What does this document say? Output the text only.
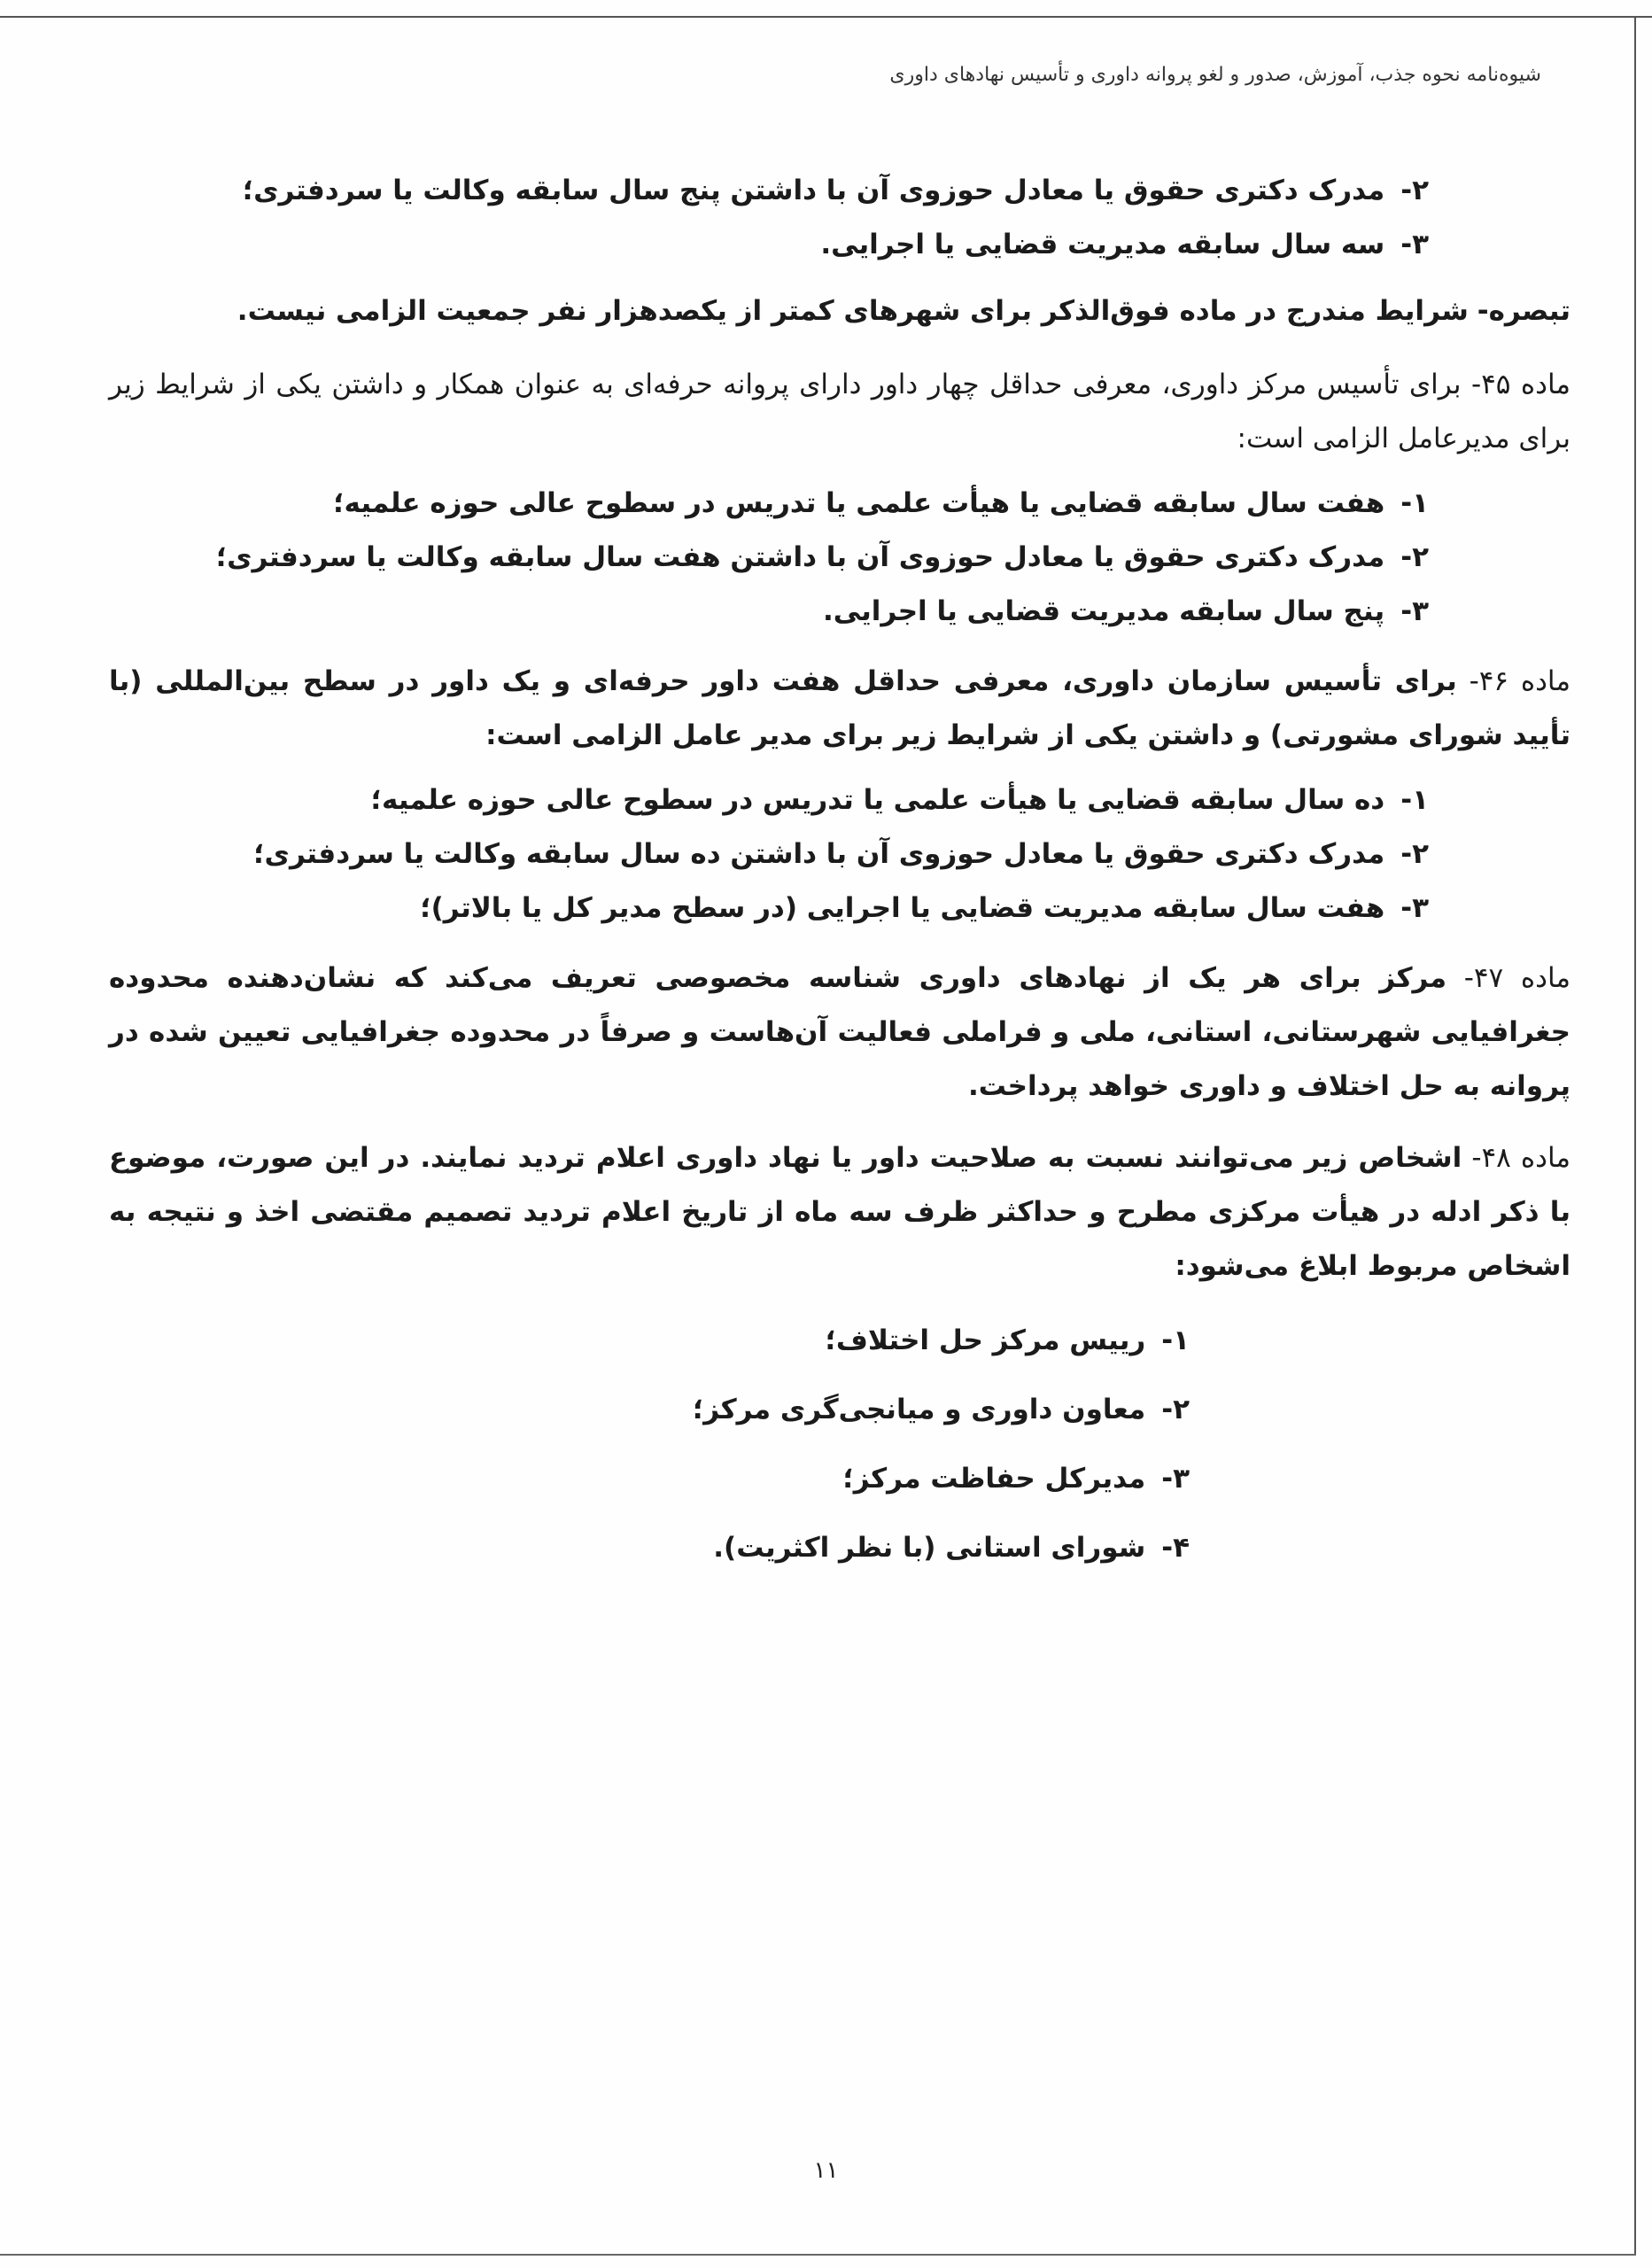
شیوه‌نامه نحوه جذب، آموزش، صدور و لغو پروانه داوری و تأسیس نهادهای داوری
۲-مدرک دکتری حقوق یا معادل حوزوی آن با داشتن پنج سال سابقه وکالت یا سردفتری؛
۳-سه سال سابقه مدیریت قضایی یا اجرایی.

تبصره- شرایط مندرج در ماده فوق‌الذکر برای شهرهای کمتر از یکصدهزار نفر جمعیت الزامی نیست.

ماده ۴۵- برای تأسیس مرکز داوری، معرفی حداقل چهار داور دارای پروانه حرفه‌ای به عنوان همکار و داشتن یکی از شرایط زیر برای مدیرعامل الزامی است:

۱-هفت سال سابقه قضایی یا هیأت علمی یا تدریس در سطوح عالی حوزه علمیه؛
۲-مدرک دکتری حقوق یا معادل حوزوی آن با داشتن هفت سال سابقه وکالت یا سردفتری؛
۳-پنج سال سابقه مدیریت قضایی یا اجرایی.

ماده ۴۶- برای تأسیس سازمان داوری، معرفی حداقل هفت داور حرفه‌ای و یک داور در سطح بین‌المللی (با تأیید شورای مشورتی) و داشتن یکی از شرایط زیر برای مدیر عامل الزامی است:

۱-ده سال سابقه قضایی یا هیأت علمی یا تدریس در سطوح عالی حوزه علمیه؛
۲-مدرک دکتری حقوق یا معادل حوزوی آن با داشتن ده سال سابقه وکالت یا سردفتری؛
۳-هفت سال سابقه مدیریت قضایی یا اجرایی (در سطح مدیر کل یا بالاتر)؛

ماده ۴۷- مرکز برای هر یک از نهادهای داوری شناسه مخصوصی تعریف می‌کند که نشان‌دهنده محدوده جغرافیایی شهرستانی، استانی، ملی و فراملی فعالیت آن‌هاست و صرفاً در محدوده جغرافیایی تعیین شده در پروانه به حل اختلاف و داوری خواهد پرداخت.

ماده ۴۸- اشخاص زیر می‌توانند نسبت به صلاحیت داور یا نهاد داوری اعلام تردید نمایند. در این صورت، موضوع با ذکر ادله در هیأت مرکزی مطرح و حداکثر ظرف سه ماه از تاریخ اعلام تردید تصمیم مقتضی اخذ و نتیجه به اشخاص مربوط ابلاغ می‌شود:

۱-رییس مرکز حل اختلاف؛
۲-معاون داوری و میانجی‌گری مرکز؛
۳-مدیرکل حفاظت مرکز؛
۴-شورای استانی (با نظر اکثریت).
۱۱
